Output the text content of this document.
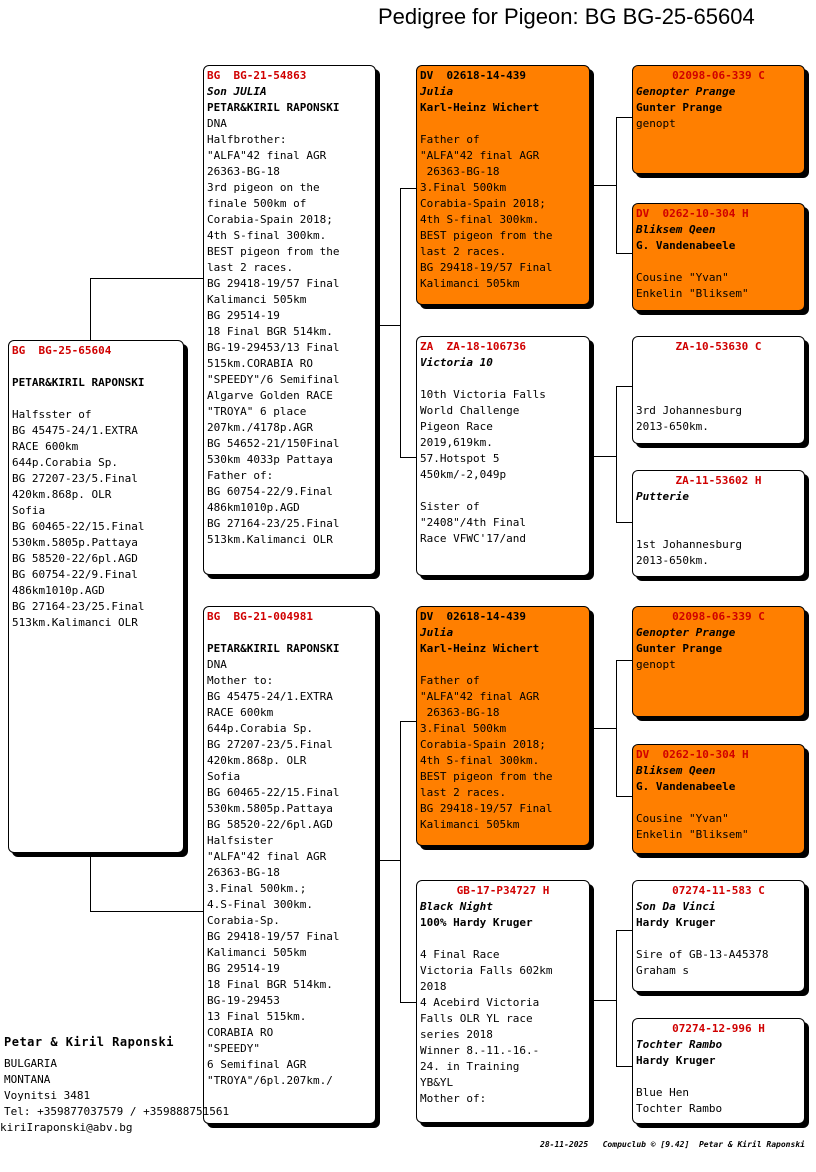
Pedigree for Pigeon: BG BG-25-65604
BG  BG-25-65604
PETAR&KIRIL RAPONSKI
Halfsster of
BG 45475-24/1.EXTRA
RACE 600km
644p.Corabia Sp.
BG 27207-23/5.Final
420km.868p. OLR
Sofia
BG 60465-22/15.Final
530km.5805p.Pattaya
BG 58520-22/6pl.AGD
BG 60754-22/9.Final
486km1010p.AGD
BG 27164-23/25.Final
513km.Kalimanci OLR
BG  BG-21-54863
Son JULIA
PETAR&KIRIL RAPONSKI
DNA
Halfbrother:
"ALFA"42 final AGR
26363-BG-18
3rd pigeon on the
finale 500km of
Corabia-Spain 2018;
4th S-final 300km.
BEST pigeon from the
last 2 races.
BG 29418-19/57 Final
Kalimanci 505km
BG 29514-19
18 Final BGR 514km.
BG-19-29453/13 Final
515km.CORABIA RO
"SPEEDY"/6 Semifinal
Algarve Golden RACE
"TROYA" 6 place
207km./4178p.AGR
BG 54652-21/150Final
530km 4033p Pattaya
Father of:
BG 60754-22/9.Final
486km1010p.AGD
BG 27164-23/25.Final
513km.Kalimanci OLR
BG  BG-21-004981
PETAR&KIRIL RAPONSKI
DNA
Mother to:
BG 45475-24/1.EXTRA
RACE 600km
644p.Corabia Sp.
BG 27207-23/5.Final
420km.868p. OLR
Sofia
BG 60465-22/15.Final
530km.5805p.Pattaya
BG 58520-22/6pl.AGD
Halfsister
"ALFA"42 final AGR
26363-BG-18
3.Final 500km.;
4.S-Final 300km.
Corabia-Sp.
BG 29418-19/57 Final
Kalimanci 505km
BG 29514-19
18 Final BGR 514km.
BG-19-29453
13 Final 515km.
CORABIA RO
"SPEEDY"
6 Semifinal AGR
"TROYA"/6pl.207km./
DV  02618-14-439
Julia
Karl-Heinz Wichert
Father of
"ALFA"42 final AGR
26363-BG-18
3.Final 500km
Corabia-Spain 2018;
4th S-final 300km.
BEST pigeon from the
last 2 races.
BG 29418-19/57 Final
Kalimanci 505km
ZA  ZA-18-106736
Victoria 10

10th Victoria Falls
World Challenge
Pigeon Race
2019,619km.
57.Hotspot 5
450km/-2,049p

Sister of
"2408"/4th Final
Race VFWC'17/and
DV  02618-14-439
Julia
Karl-Heinz Wichert
Father of
"ALFA"42 final AGR
26363-BG-18
3.Final 500km
Corabia-Spain 2018;
4th S-final 300km.
BEST pigeon from the
last 2 races.
BG 29418-19/57 Final
Kalimanci 505km
GB-17-P34727 H
Black Night
100% Hardy Kruger
4 Final Race
Victoria Falls 602km
2018
4 Acebird Victoria
Falls OLR YL race
series 2018
Winner 8.-11.-16.-
24. in Training
YB&YL
Mother of:
02098-06-339 C
Genopter Prange
Gunter Prange
genopt
DV  0262-10-304 H
Bliksem Qeen
G. Vandenabeele
Cousine "Yvan"
Enkelin "Bliksem"
ZA-10-53630 C
3rd Johannesburg
2013-650km.
ZA-11-53602 H
Putterie
1st Johannesburg
2013-650km.
02098-06-339 C
Genopter Prange
Gunter Prange
genopt
DV  0262-10-304 H
Bliksem Qeen
G. Vandenabeele
Cousine "Yvan"
Enkelin "Bliksem"
07274-11-583 C
Son Da Vinci
Hardy Kruger
Sire of GB-13-A45378
Graham s
07274-12-996 H
Tochter Rambo
Hardy Kruger
Blue Hen
Tochter Rambo
Petar & Kiril Raponski
BULGARIA
MONTANA
Voynitsi 3481
Tel: +359877037579 / +359888751561
kiriIraponski@abv.bg
28-11-2025   Compuclub © [9.42]  Petar & Kiril Raponski
